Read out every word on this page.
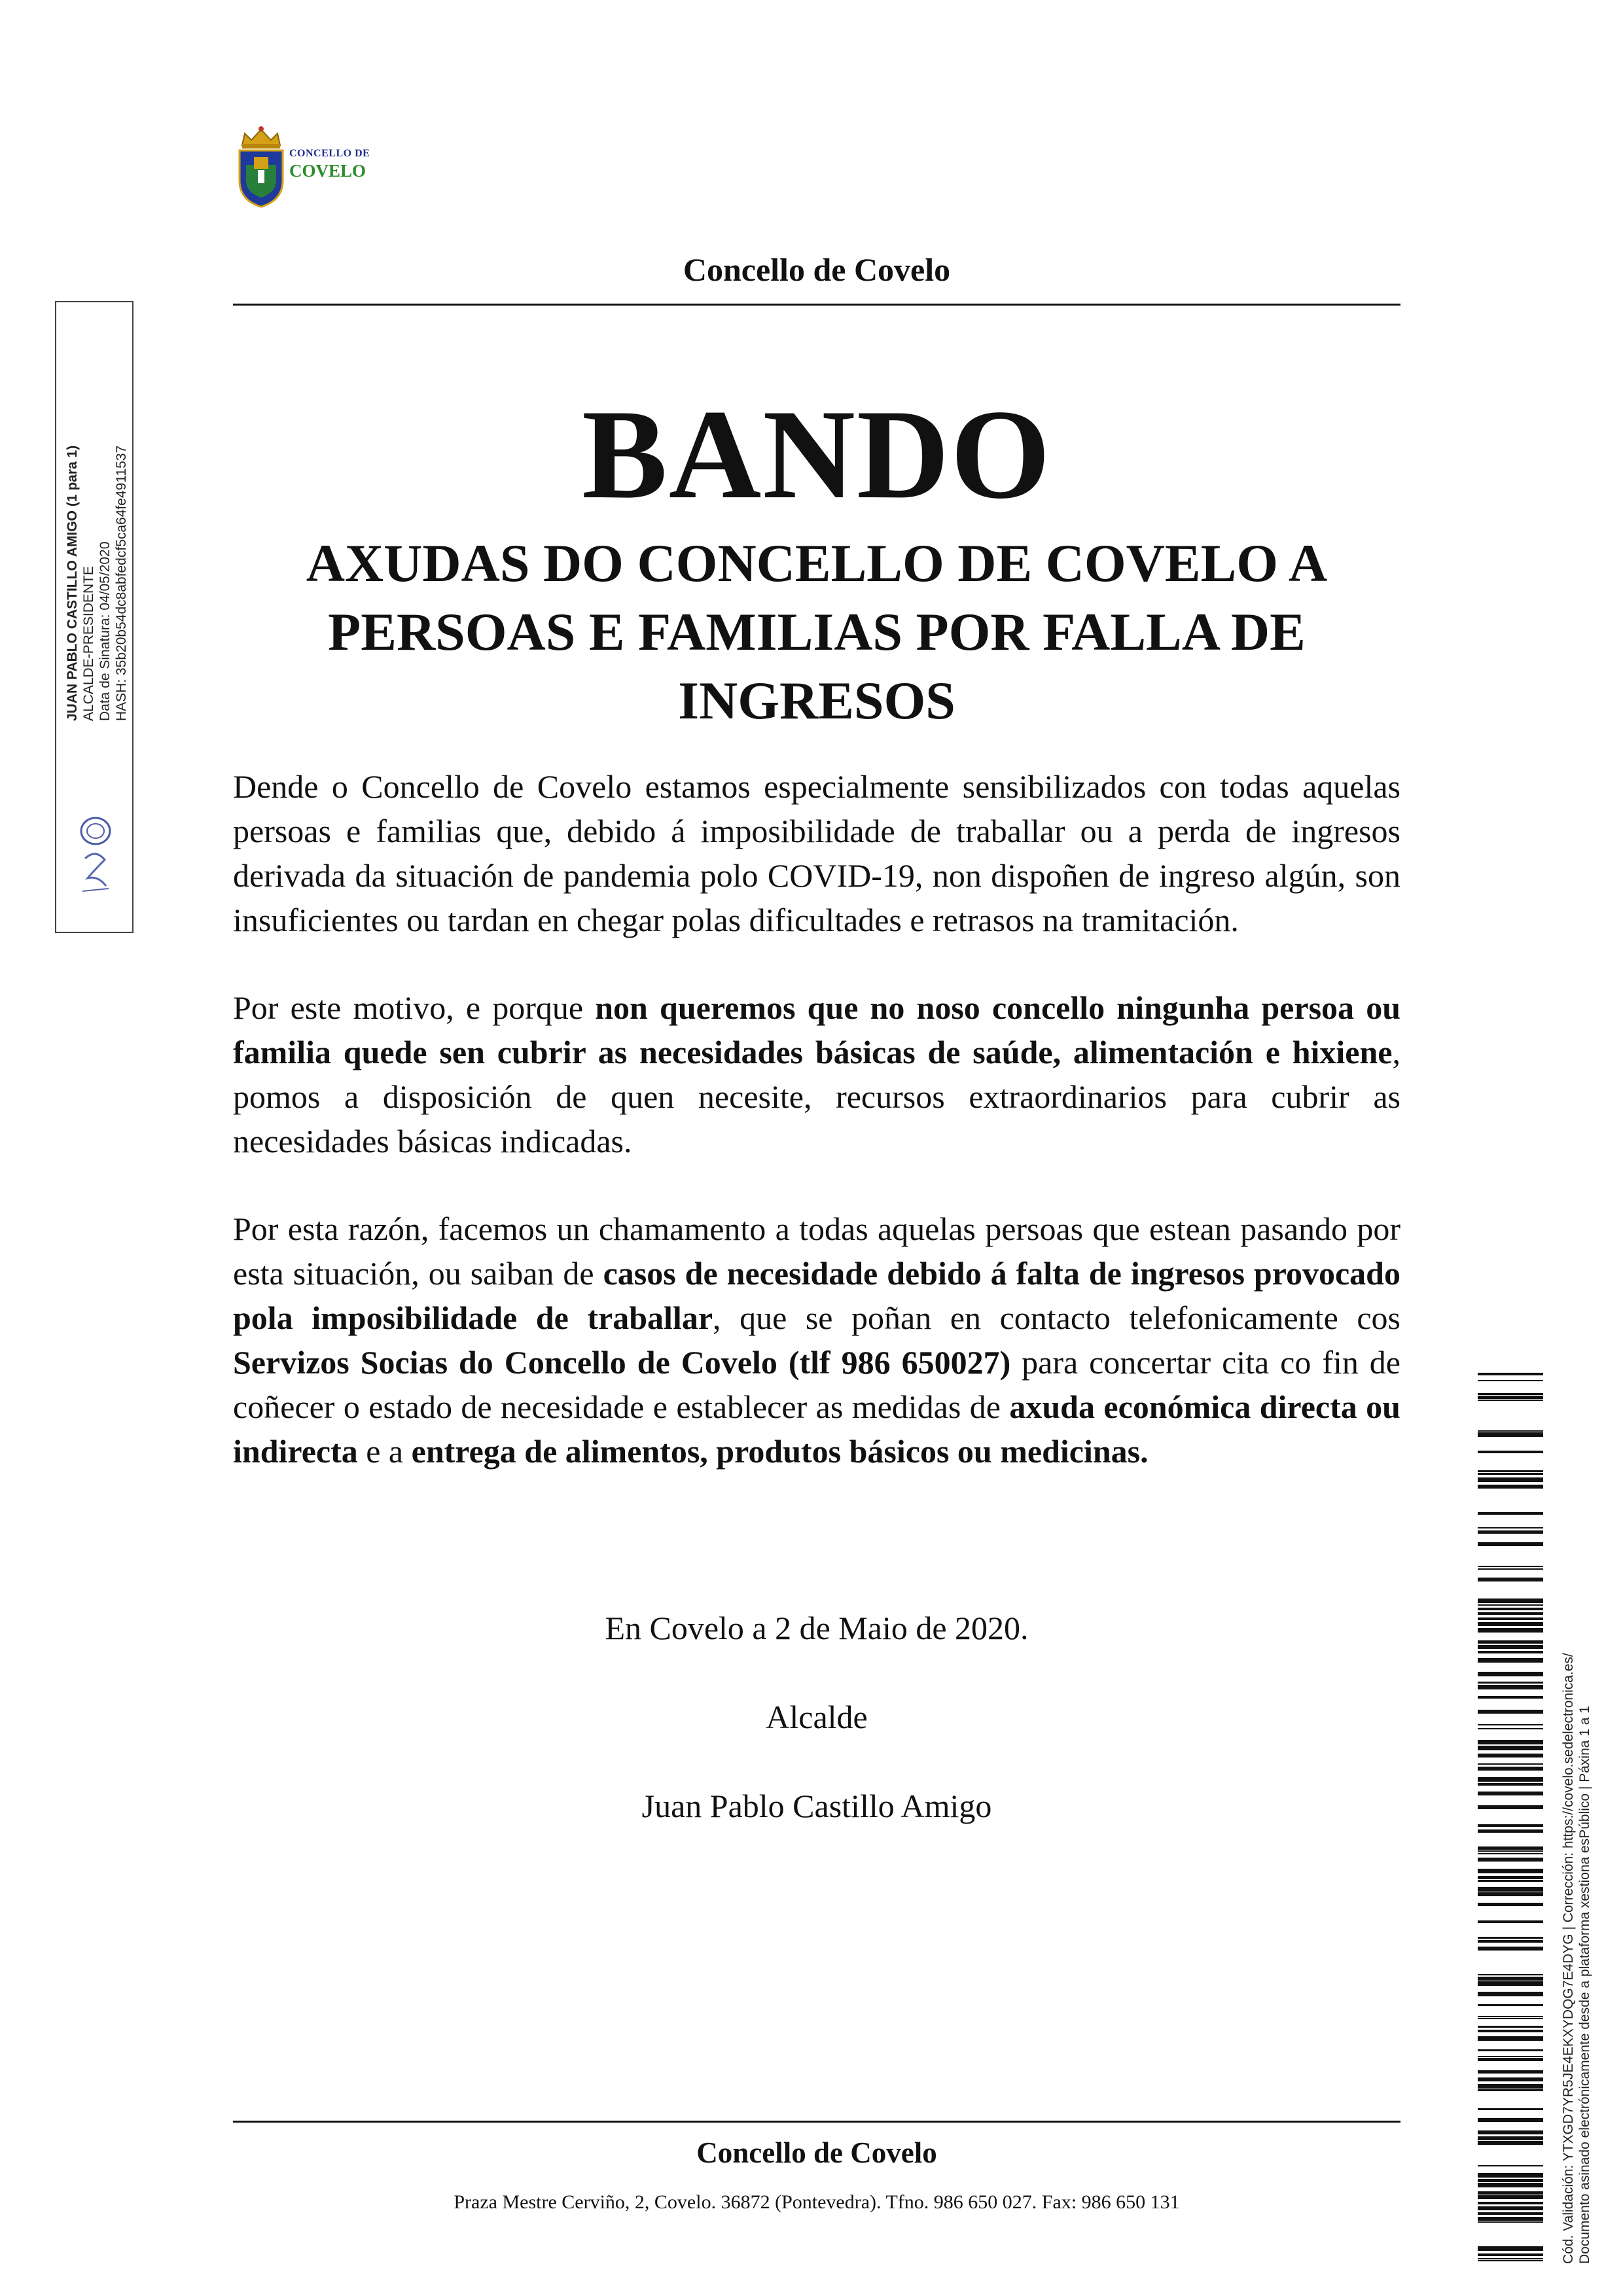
CONCELLO DE
COVELO
Concello de Covelo
BANDO
AXUDAS DO CONCELLO DE COVELO A PERSOAS E FAMILIAS POR FALLA DE INGRESOS

Dende o Concello de Covelo estamos especialmente sensibilizados con todas aquelas persoas e familias que, debido á imposibilidade de traballar ou a perda de ingresos derivada da situación de pandemia polo COVID-19, non dispoñen de ingreso algún, son insuficientes ou tardan en chegar polas dificultades e retrasos na tramitación.

Por este motivo, e porque non queremos que no noso concello ningunha persoa ou familia quede sen cubrir as necesidades básicas de saúde, alimentación e hixiene, pomos a disposición de quen necesite, recursos extraordinarios para cubrir as necesidades básicas indicadas.

Por esta razón, facemos un chamamento a todas aquelas persoas que estean pasando por esta situación, ou saiban de casos de necesidade debido á falta de ingresos provocado pola imposibilidade de traballar, que se poñan en contacto telefonicamente cos Servizos Socias do Concello de Covelo (tlf 986 650027) para concertar cita co fin de coñecer o estado de necesidade e establecer as medidas de axuda económica directa ou indirecta e a entrega de alimentos, produtos básicos ou medicinas.

En Covelo a 2 de Maio de 2020.
Alcalde
Juan Pablo Castillo Amigo
Concello de Covelo
Praza Mestre Cerviño, 2, Covelo. 36872 (Pontevedra). Tfno. 986 650 027. Fax: 986 650 131
JUAN PABLO CASTILLO AMIGO (1 para 1) ALCALDE-PRESIDENTE Data de Sinatura: 04/05/2020 HASH: 35b20b54dc8abfedcf5ca64fe4911537
Cód. Validación: YTXGD7YR5JE4EKXYDQG7E4DYG | Corrección: https://covelo.sedelectronica.es/ Documento asinado electrónicamente desde a plataforma xestiona esPúblico | Páxina 1 a 1
